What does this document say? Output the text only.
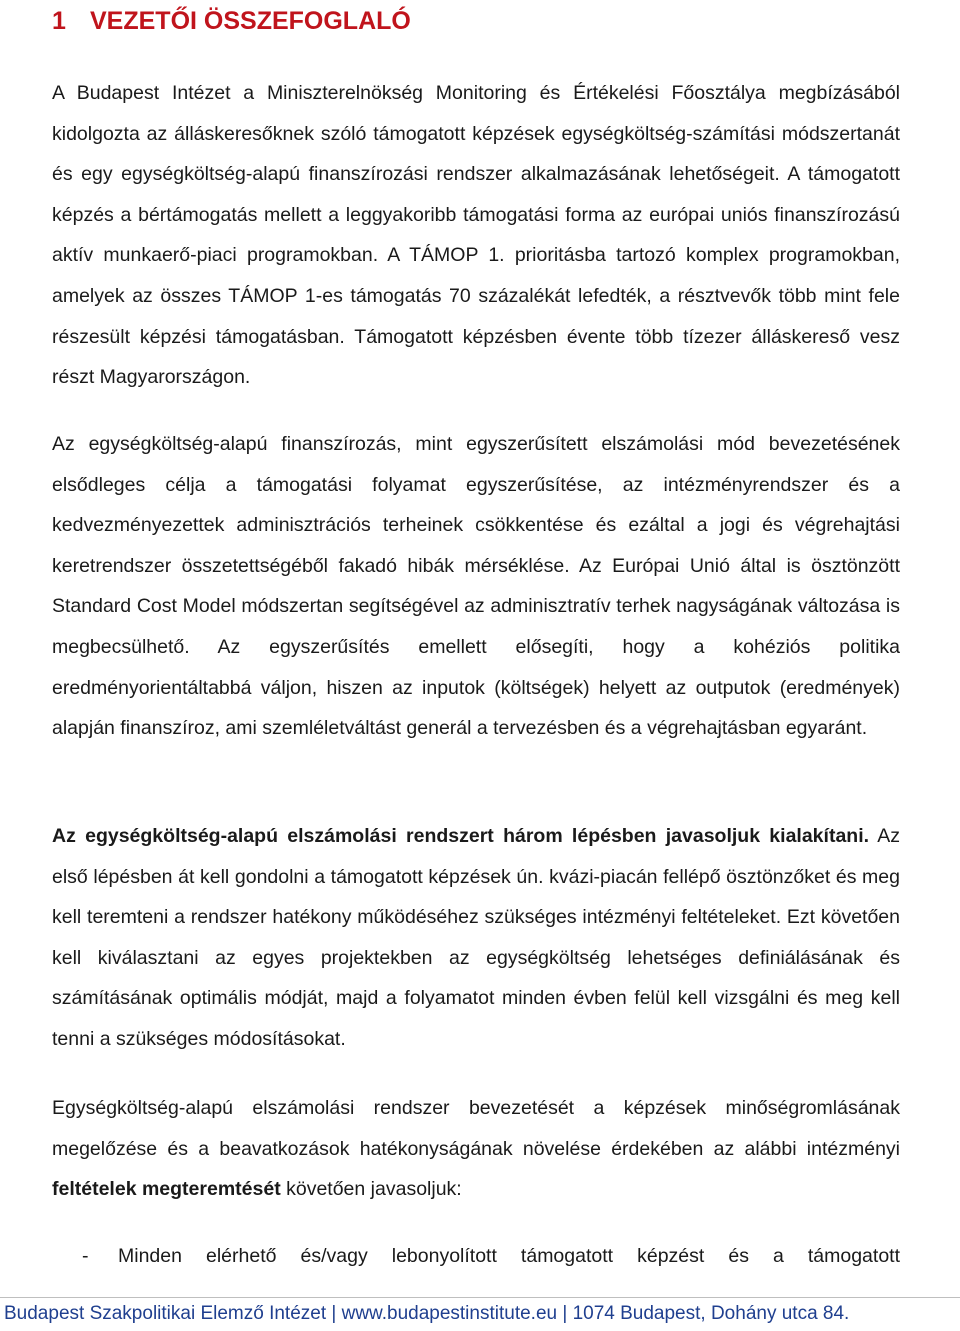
1 VEZETŐI ÖSSZEFOGLALÓ

A Budapest Intézet a Miniszterelnökség Monitoring és Értékelési Főosztálya megbízásából kidolgozta az álláskeresőknek szóló támogatott képzések egységköltség-számítási módszertanát és egy egységköltség-alapú finanszírozási rendszer alkalmazásának lehetőségeit. A támogatott képzés a bértámogatás mellett a leggyakoribb támogatási forma az európai uniós finanszírozású aktív munkaerő-piaci programokban. A TÁMOP 1. prioritásba tartozó komplex programokban, amelyek az összes TÁMOP 1-es támogatás 70 százalékát lefedték, a résztvevők több mint fele részesült képzési támogatásban. Támogatott képzésben évente több tízezer álláskereső vesz részt Magyarországon.

Az egységköltség-alapú finanszírozás, mint egyszerűsített elszámolási mód bevezetésének elsődleges célja a támogatási folyamat egyszerűsítése, az intézményrendszer és a kedvezményezettek adminisztrációs terheinek csökkentése és ezáltal a jogi és végrehajtási keretrendszer összetettségéből fakadó hibák mérséklése. Az Európai Unió által is ösztönzött Standard Cost Model módszertan segítségével az adminisztratív terhek nagyságának változása is megbecsülhető. Az egyszerűsítés emellett elősegíti, hogy a kohéziós politika eredményorientáltabbá váljon, hiszen az inputok (költségek) helyett az outputok (eredmények) alapján finanszíroz, ami szemléletváltást generál a tervezésben és a végrehajtásban egyaránt.

Az egységköltség-alapú elszámolási rendszert három lépésben javasoljuk kialakítani. Az első lépésben át kell gondolni a támogatott képzések ún. kvázi-piacán fellépő ösztönzőket és meg kell teremteni a rendszer hatékony működéséhez szükséges intézményi feltételeket. Ezt követően kell kiválasztani az egyes projektekben az egységköltség lehetséges definiálásának és számításának optimális módját, majd a folyamatot minden évben felül kell vizsgálni és meg kell tenni a szükséges módosításokat.

Egységköltség-alapú elszámolási rendszer bevezetését a képzések minőségromlásának megelőzése és a beavatkozások hatékonyságának növelése érdekében az alábbi intézményi feltételek megteremtését követően javasoljuk:

- Minden elérhető és/vagy lebonyolított támogatott képzést és a támogatott
Budapest Szakpolitikai Elemző Intézet | www.budapestinstitute.eu | 1074 Budapest, Dohány utca 84.
